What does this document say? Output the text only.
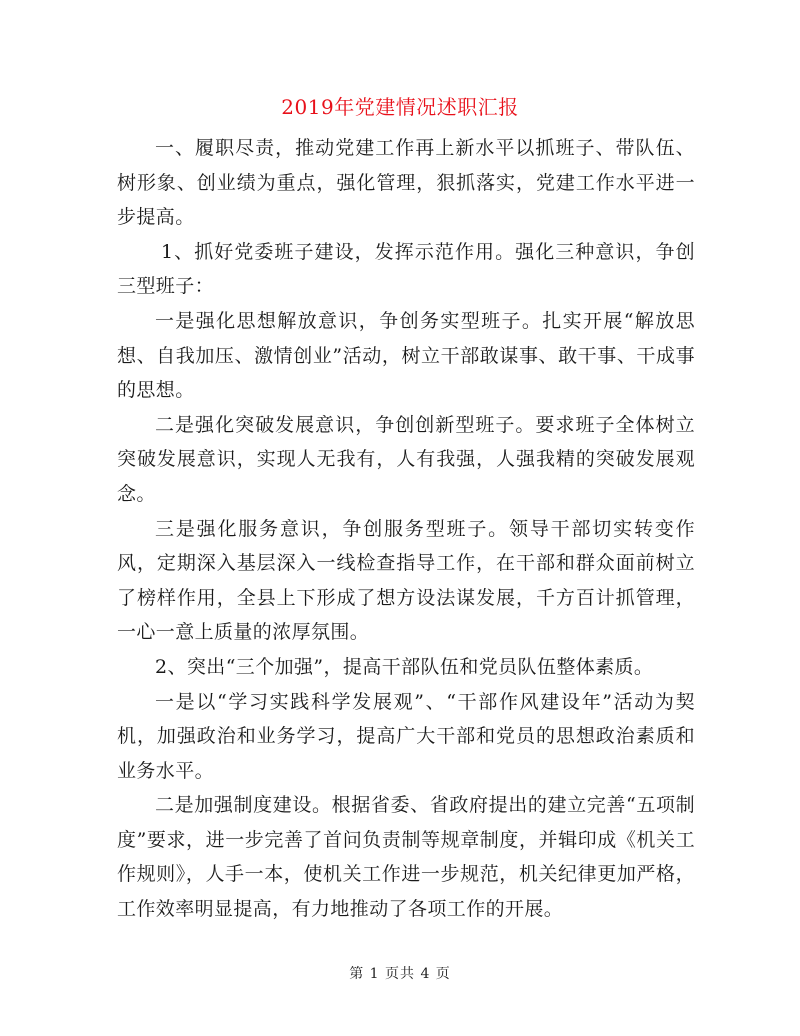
2019年党建情况述职汇报

一、履职尽责，推动党建工作再上新水平以抓班子、带队伍、树形象、创业绩为重点，强化管理，狠抓落实，党建工作水平进一步提高。

1、抓好党委班子建设，发挥示范作用。强化三种意识，争创三型班子：

一是强化思想解放意识，争创务实型班子。扎实开展“解放思想、自我加压、激情创业”活动，树立干部敢谋事、敢干事、干成事的思想。

二是强化突破发展意识，争创创新型班子。要求班子全体树立突破发展意识，实现人无我有，人有我强，人强我精的突破发展观念。

三是强化服务意识，争创服务型班子。领导干部切实转变作风，定期深入基层深入一线检查指导工作，在干部和群众面前树立了榜样作用，全县上下形成了想方设法谋发展，千方百计抓管理，一心一意上质量的浓厚氛围。

2、突出“三个加强”，提高干部队伍和党员队伍整体素质。

一是以“学习实践科学发展观”、“干部作风建设年”活动为契机，加强政治和业务学习，提高广大干部和党员的思想政治素质和业务水平。

二是加强制度建设。根据省委、省政府提出的建立完善“五项制度”要求，进一步完善了首问负责制等规章制度，并辑印成《机关工作规则》，人手一本，使机关工作进一步规范，机关纪律更加严格，工作效率明显提高，有力地推动了各项工作的开展。

第 1 页共 4 页
